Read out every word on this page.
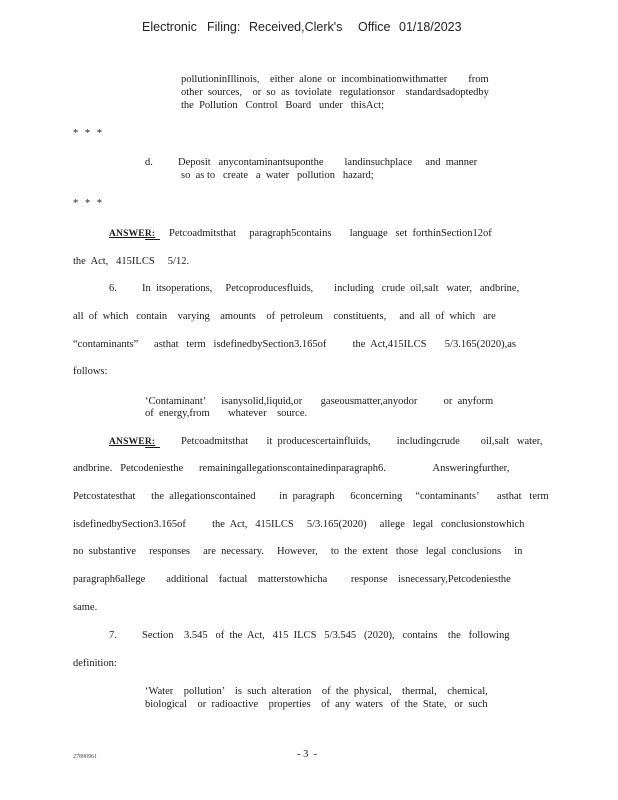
Electronic Filing: Received,Clerk's Office 01/18/2023
pollutioninIllinois,    either  alone  or  incombinationwithmatter        from
other  sources,    or  so  as  toviolate   regulationsor    standardsadoptedby
the  Pollution   Control   Board   under   thisAct;
* * *
d. Deposit   anycontaminantsuponthe        landinsuchplace     and  manner
so  as to   create   a  water   pollution   hazard;
* * *
ANSWER: Petcoadmitsthat     paragraph5contains       language   set  forthinSection12of
the  Act,   415ILCS     5/12.
6. In  itsoperations,     Petcoproducesfluids,        including   crude  oil,salt   water,   andbrine,
all  of  which   contain    varying    amounts    of  petroleum    constituents,     and  all  of  which   are
“contaminants”      asthat   term   isdefinedbySection3.165of          the  Act,415ILCS       5/3.165(2020),as
follows:
‘Contaminant’      isanysolid,liquid,or       gaseousmatter,anyodor          or  anyform
of  energy,from       whatever    source.
ANSWER: Petcoadmitsthat       it  producescertainfluids,          includingcrude        oil,salt   water,
andbrine.   Petcodeniesthe      remainingallegationscontainedinparagraph6.                  Answeringfurther,
Petcostatesthat      the  allegationscontained         in  paragraph      6concerning     “contaminants’       asthat   term
isdefinedbySection3.165of          the  Act,   415ILCS     5/3.165(2020)     allege   legal   conclusionstowhich
no  substantive     responses     are  necessary.     However,     to  the  extent   those   legal  conclusions     in
paragraph6allege        additional    factual    matterstowhicha         response    isnecessary,Petcodeniesthe
same.
7. Section    3.545   of  the  Act,   415  ILCS   5/3.545   (2020),   contains    the   following
definition:
‘Water    pollution’    is  such  alteration    of  the  physical,    thermal,    chemical,
biological    or  radioactive    properties    of  any  waters   of  the  State,   or  such
27890961	- 3  -
